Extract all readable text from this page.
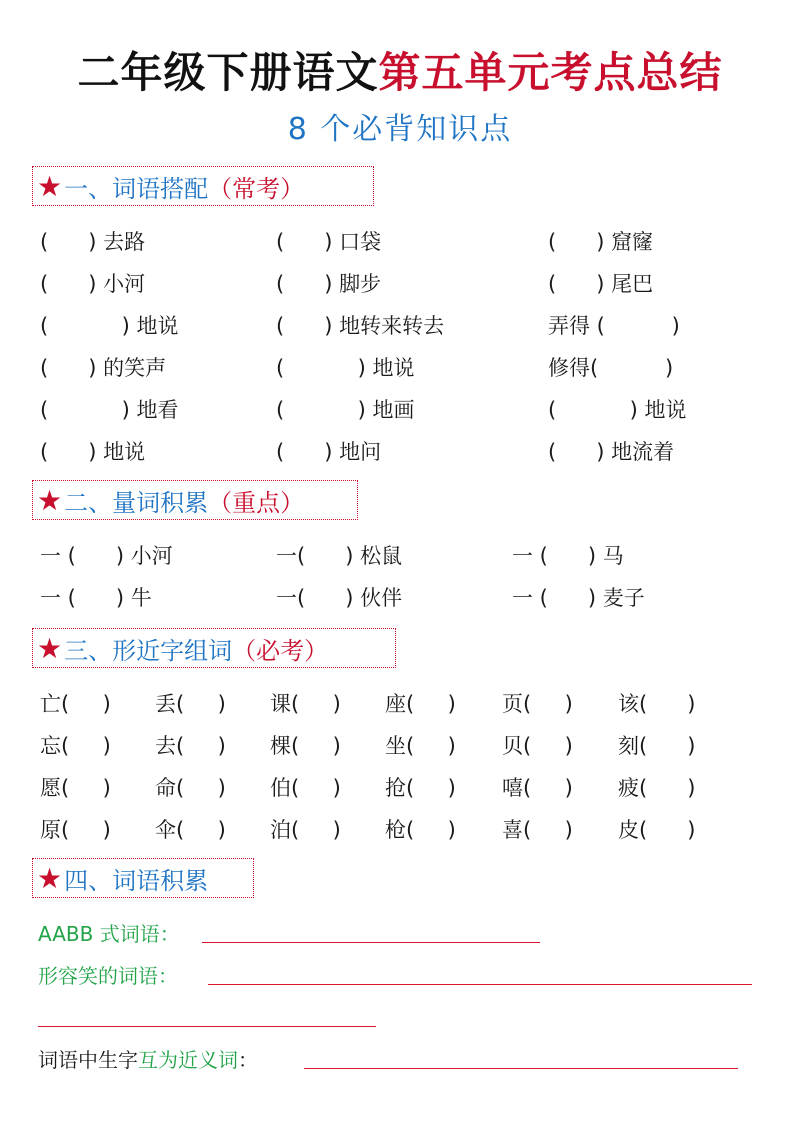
二年级下册语文第五单元考点总结
8 个必背知识点
★ 一、词语搭配 （常考）
(      ) 去路	(      ) 口袋	(      ) 窟窿
(      ) 小河	(      ) 脚步	(      ) 尾巴
(           ) 地说	(      ) 地转来转去	弄得 (          )
(      ) 的笑声	(           ) 地说	修得(          )
(           ) 地看	(           ) 地画	(           ) 地说
(      ) 地说	(      ) 地问	(      ) 地流着
★ 二、量词积累 （重点）
一 (      ) 小河	一(      ) 松鼠	一 (      ) 马
一 (      ) 牛	一(      ) 伙伴	一 (      ) 麦子
★ 三、形近字组词 （必考）
亡(     ) 丢(     ) 课(     ) 座(     ) 页(     ) 该(      )
忘(     ) 去(     ) 棵(     ) 坐(     ) 贝(     ) 刻(      )
愿(     ) 命(     ) 伯(     ) 抢(     ) 嘻(     ) 疲(      )
原(     ) 伞(     ) 泊(     ) 枪(     ) 喜(     ) 皮(      )
★ 四、词语积累
AABB 式词语：
形容笑的词语：
词语中生字互为近义词：
